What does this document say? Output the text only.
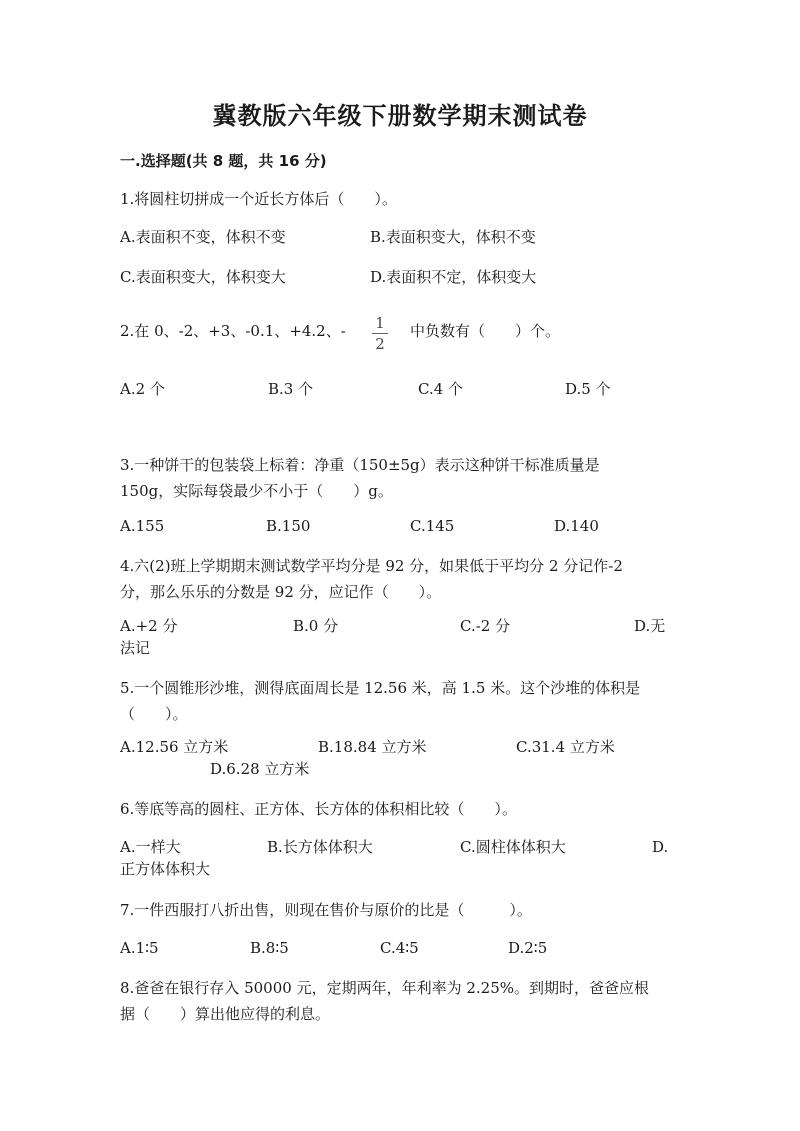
冀教版六年级下册数学期末测试卷
一.选择题(共 8 题，共 16 分)
1.将圆柱切拼成一个近长方体后（　　）。
A.表面积不变，体积不变	B.表面积变大，体积不变
C.表面积变大，体积变大	D.表面积不定，体积变大
2.在 0、-2、+3、-0.1、+4.2、- 1
2
中负数有（　　）个。
A.2 个	B.3 个	C.4 个	D.5 个
3.一种饼干的包装袋上标着：净重（150±5g）表示这种饼干标准质量是
150g，实际每袋最少不小于（　　）g。
A.155	B.150	C.145	D.140
4.六(2)班上学期期末测试数学平均分是 92 分，如果低于平均分 2 分记作-2
分，那么乐乐的分数是 92 分，应记作（　　）。
A.+2 分	B.0 分	C.-2 分	D.无
法记
5.一个圆锥形沙堆，测得底面周长是 12.56 米，高 1.5 米。这个沙堆的体积是
（　　）。
A.12.56 立方米	B.18.84 立方米	C.31.4 立方米
D.6.28 立方米
6.等底等高的圆柱、正方体、长方体的体积相比较（　　）。
A.一样大	B.长方体体积大	C.圆柱体体积大	D.
正方体体积大
7.一件西服打八折出售，则现在售价与原价的比是（　　　）。
A.1∶5	B.8∶5	C.4∶5	D.2∶5
8.爸爸在银行存入 50000 元，定期两年，年利率为 2.25%。到期时，爸爸应根
据（　　）算出他应得的利息。
